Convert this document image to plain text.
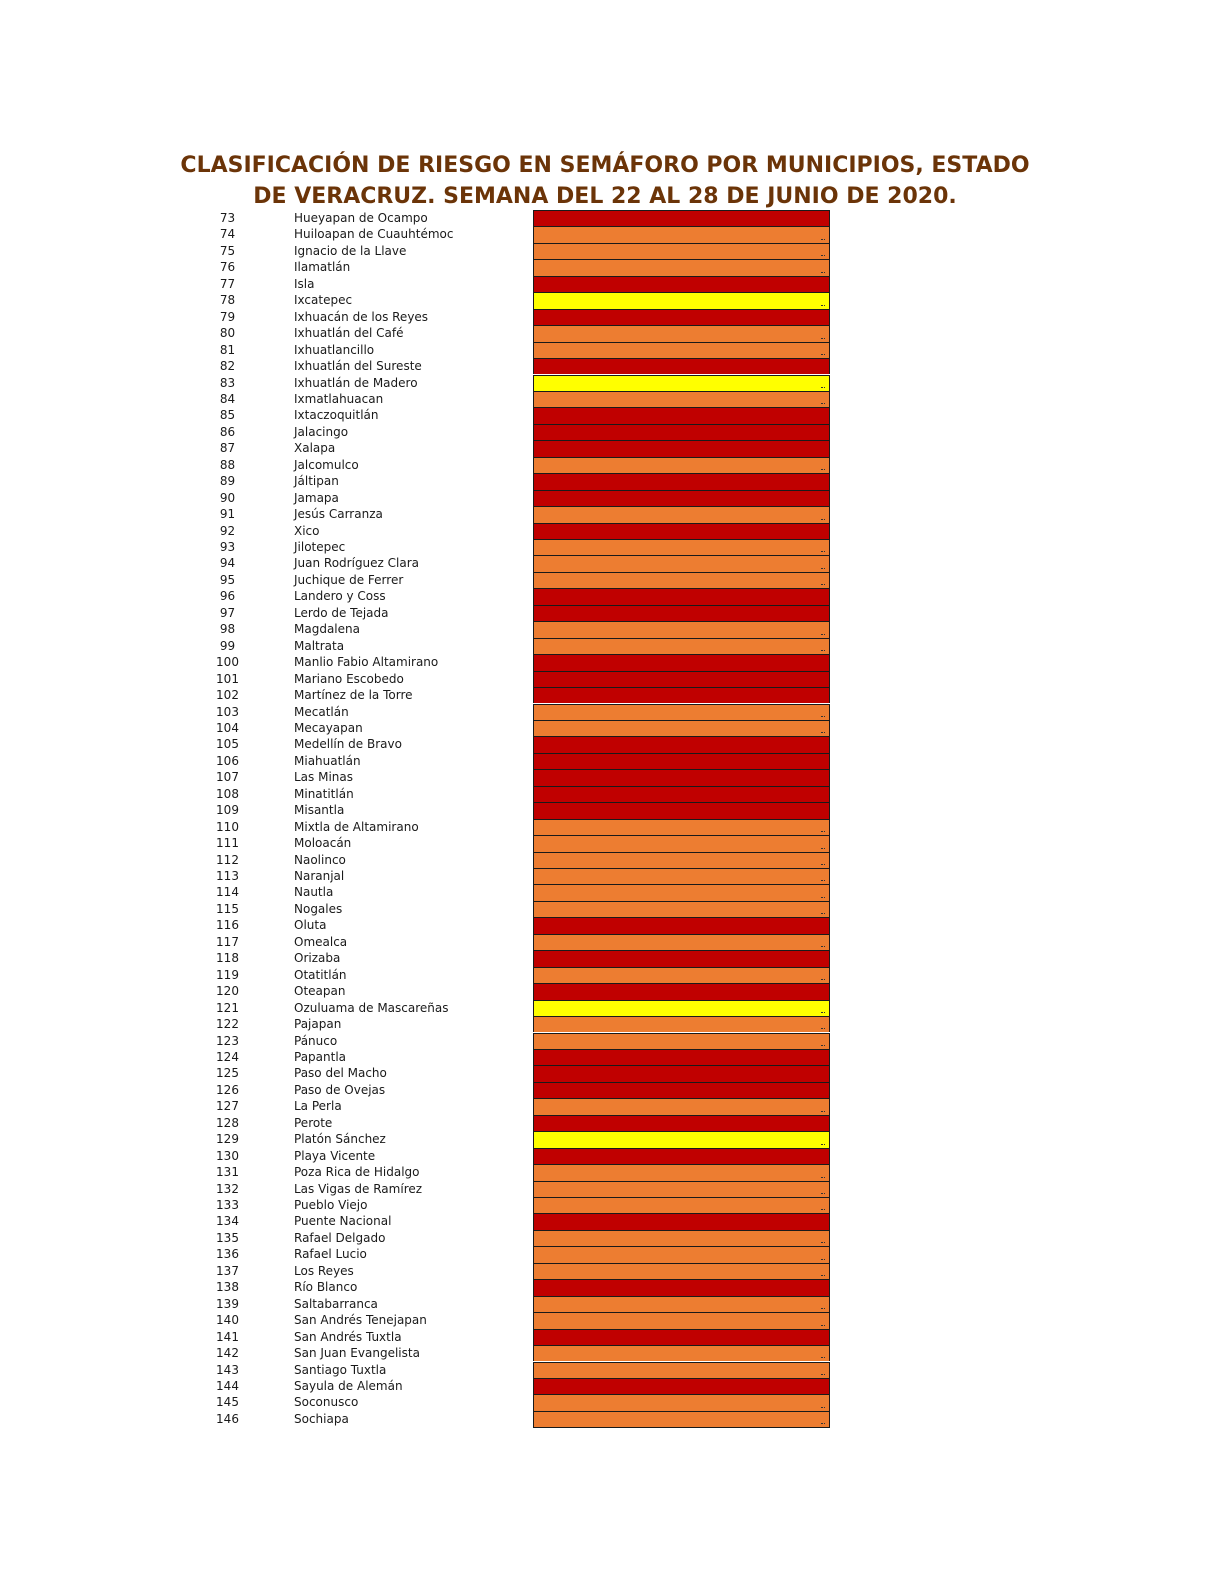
CLASIFICACIÓN DE RIESGO EN SEMÁFORO POR MUNICIPIOS, ESTADO
DE VERACRUZ. SEMANA DEL 22 AL 28 DE JUNIO DE 2020.
73	Hueyapan de Ocampo
74	Huiloapan de Cuauhtémoc
75	Ignacio de la Llave
76	Ilamatlán
77	Isla
78	Ixcatepec
79	Ixhuacán de los Reyes
80	Ixhuatlán del Café
81	Ixhuatlancillo
82	Ixhuatlán del Sureste
83	Ixhuatlán de Madero
84	Ixmatlahuacan
85	Ixtaczoquitlán
86	Jalacingo
87	Xalapa
88	Jalcomulco
89	Jáltipan
90	Jamapa
91	Jesús Carranza
92	Xico
93	Jilotepec
94	Juan Rodríguez Clara
95	Juchique de Ferrer
96	Landero y Coss
97	Lerdo de Tejada
98	Magdalena
99	Maltrata
100	Manlio Fabio Altamirano
101	Mariano Escobedo
102	Martínez de la Torre
103	Mecatlán
104	Mecayapan
105	Medellín de Bravo
106	Miahuatlán
107	Las Minas
108	Minatitlán
109	Misantla
110	Mixtla de Altamirano
111	Moloacán
112	Naolinco
113	Naranjal
114	Nautla
115	Nogales
116	Oluta
117	Omealca
118	Orizaba
119	Otatitlán
120	Oteapan
121	Ozuluama de Mascareñas
122	Pajapan
123	Pánuco
124	Papantla
125	Paso del Macho
126	Paso de Ovejas
127	La Perla
128	Perote
129	Platón Sánchez
130	Playa Vicente
131	Poza Rica de Hidalgo
132	Las Vigas de Ramírez
133	Pueblo Viejo
134	Puente Nacional
135	Rafael Delgado
136	Rafael Lucio
137	Los Reyes
138	Río Blanco
139	Saltabarranca
140	San Andrés Tenejapan
141	San Andrés Tuxtla
142	San Juan Evangelista
143	Santiago Tuxtla
144	Sayula de Alemán
145	Soconusco
146	Sochiapa
